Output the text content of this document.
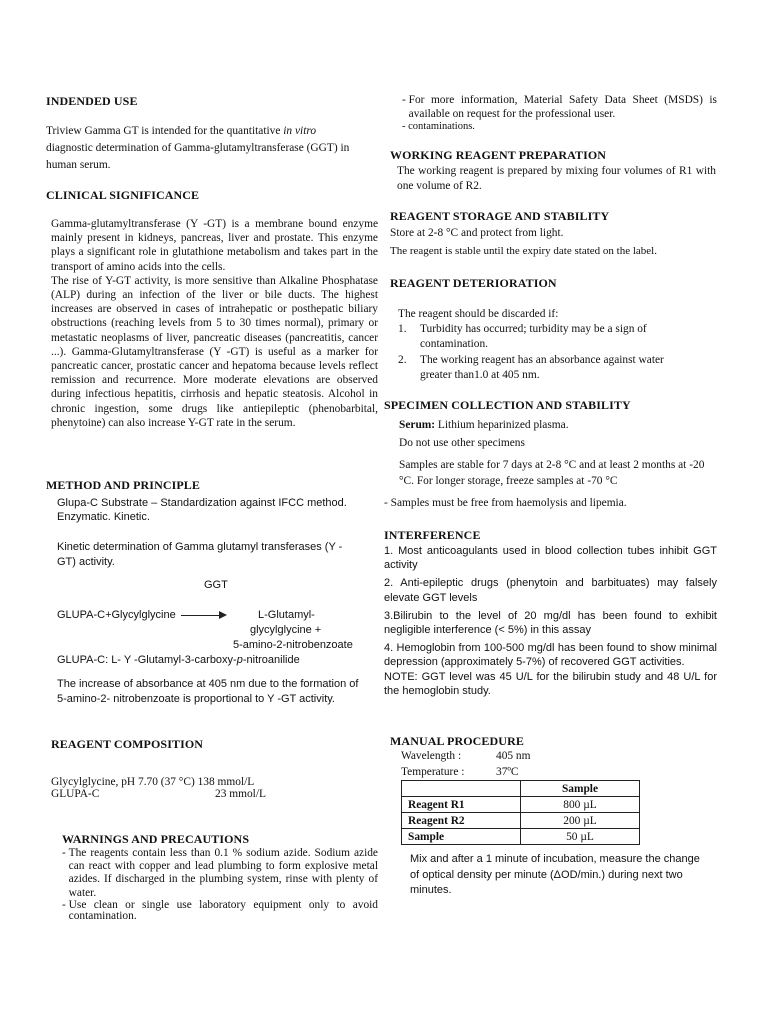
INDENDED USE
Triview Gamma GT is intended for the quantitative in vitro
diagnostic determination of Gamma-glutamyltransferase (GGT) in
human serum.
CLINICAL SIGNIFICANCE
Gamma-glutamyltransferase (Y -GT) is a membrane bound enzyme mainly present in kidneys, pancreas, liver and prostate. This enzyme plays a significant role in glutathione metabolism and takes part in the transport of amino acids into the cells.
The rise of Y-GT activity, is more sensitive than Alkaline Phosphatase (ALP) during an infection of the liver or bile ducts. The highest increases are observed in cases of intrahepatic or posthepatic biliary obstructions (reaching levels from 5 to 30 times normal), primary or metastatic neoplasms of liver, pancreatic diseases (pancreatitis, cancer ...). Gamma-Glutamyltransferase (Y -GT) is useful as a marker for pancreatic cancer, prostatic cancer and hepatoma because levels reflect remission and recurrence. More moderate elevations are observed during infectious hepatitis, cirrhosis and hepatic steatosis. Alcohol in chronic ingestion, some drugs like antiepileptic (phenobarbital, phenytoine) can also increase Y-GT rate in the serum.
METHOD AND PRINCIPLE
Glupa-C Substrate – Standardization against IFCC method.
Enzymatic. Kinetic.
Kinetic determination of Gamma glutamyl transferases (Y -
GT) activity.
GGT
GLUPA-C+Glycylglycine	L-Glutamyl-
glycylglycine +
5-amino-2-nitrobenzoate
GLUPA-C: L- Y -Glutamyl-3-carboxy-p-nitroanilide
The increase of absorbance at 405 nm due to the formation of
5-amino-2- nitrobenzoate is proportional to Y -GT activity.
REAGENT COMPOSITION
Glycylglycine, pH 7.70 (37 °C) 138 mmol/L
GLUPA-C	23 mmol/L
WARNINGS AND PRECAUTIONS
- The reagents contain less than 0.1 % sodium azide. Sodium azide can react with copper and lead plumbing to form explosive metal azides. If discharged in the plumbing system, rinse with plenty of water.
- Use clean or single use laboratory equipment only to avoid contamination.
- For more information, Material Safety Data Sheet (MSDS) is available on request for the professional user.
- contaminations.
WORKING REAGENT PREPARATION
The working reagent is prepared by mixing four volumes of R1 with one volume of R2.
REAGENT STORAGE AND STABILITY
Store at 2-8 °C and protect from light.
The reagent is stable until the expiry date stated on the label.
REAGENT DETERIORATION
The reagent should be discarded if:
1.	Turbidity has occurred; turbidity may be a sign of contamination.
2.	The working reagent has an absorbance against water greater than1.0 at 405 nm.
SPECIMEN COLLECTION AND STABILITY
Serum: Lithium heparinized plasma.
Do not use other specimens
Samples are stable for 7 days at 2-8 °C and at least 2 months at -20 °C. For longer storage, freeze samples at -70 °C
- Samples must be free from haemolysis and lipemia.
INTERFERENCE
1. Most anticoagulants used in blood collection tubes inhibit GGT activity
2. Anti-epileptic drugs (phenytoin and barbituates) may falsely elevate GGT levels
3.Bilirubin to the level of 20 mg/dl has been found to exhibit negligible interference (< 5%) in this assay
4. Hemoglobin from 100-500 mg/dl has been found to show minimal depression (approximately 5-7%) of recovered GGT activities.
NOTE: GGT level was 45 U/L for the bilirubin study and 48 U/L for the hemoglobin study.
MANUAL PROCEDURE
Wavelength :	405 nm
Temperature :	37ºC
	Sample
Reagent R1	800 µL
Reagent R2	200 µL
Sample	50 µL
Mix and after a 1 minute of incubation, measure the change of optical density per minute (ΔOD/min.) during next two minutes.
